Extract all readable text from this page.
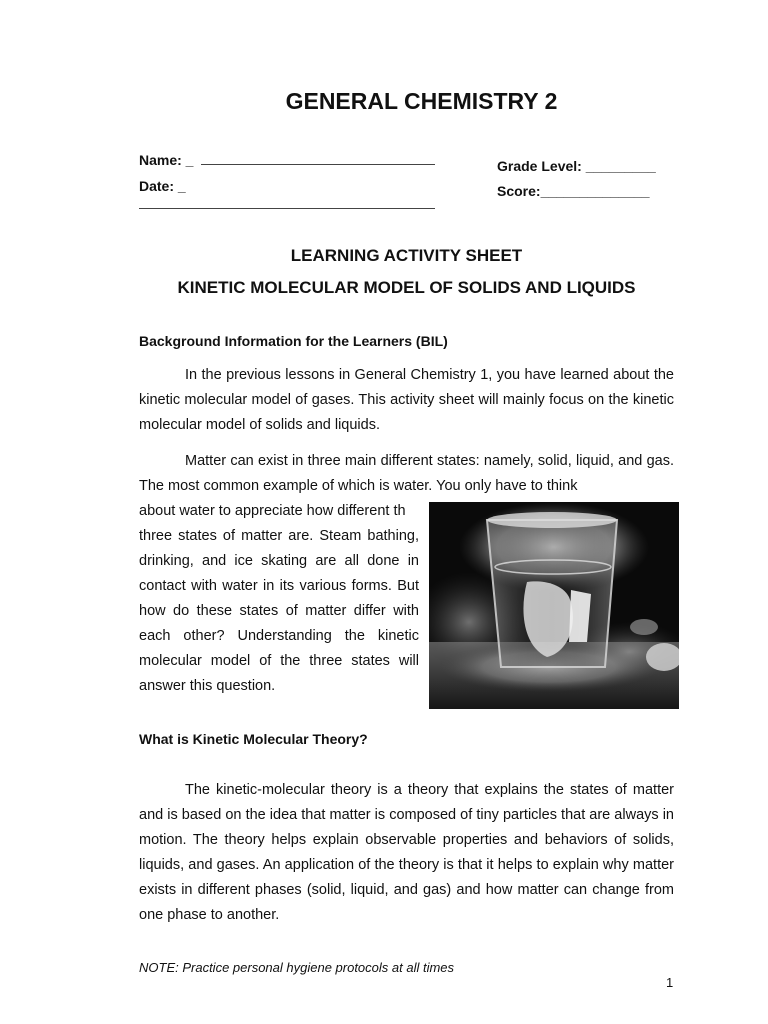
GENERAL CHEMISTRY 2
Name: _
Date: _
Grade Level: _________
Score:______________
LEARNING ACTIVITY SHEET
KINETIC MOLECULAR MODEL OF SOLIDS AND LIQUIDS
Background Information for the Learners (BIL)
In the previous lessons in General Chemistry 1, you have learned about the kinetic molecular model of gases. This activity sheet will mainly focus on the kinetic molecular model of solids and liquids.
Matter can exist in three main different states: namely, solid, liquid, and gas. The most common example of which is water. You only have to think
about water to appreciate how different th
three states of matter are. Steam bathing, drinking, and ice skating are all done in contact with water in its various forms. But how do these states of matter differ with each other? Understanding the kinetic molecular model of the three states will answer this question.
What is Kinetic Molecular Theory?
The kinetic-molecular theory is a theory that explains the states of matter and is based on the idea that matter is composed of tiny particles that are always in motion. The theory helps explain observable properties and behaviors of solids, liquids, and gases. An application of the theory is that it helps to explain why matter exists in different phases (solid, liquid, and gas) and how matter can change from one phase to another.
NOTE: Practice personal hygiene protocols at all times
1
